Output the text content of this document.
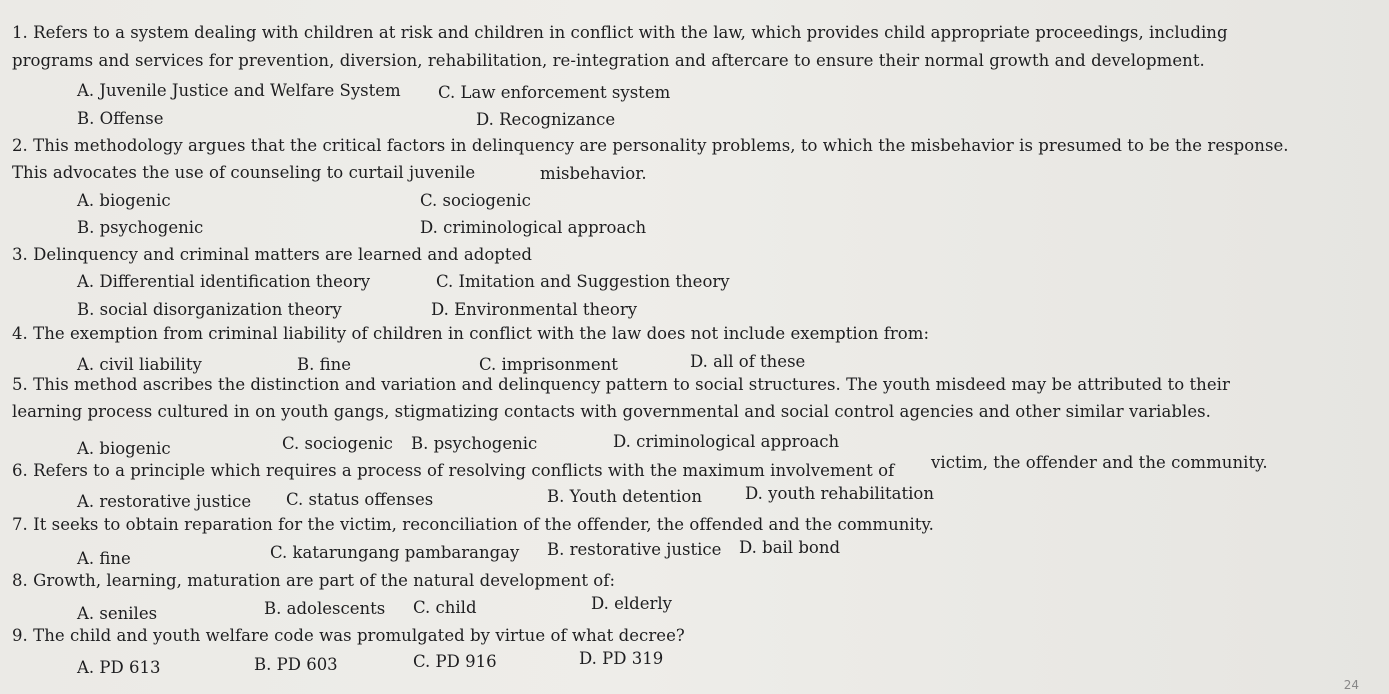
1. Refers to a system dealing with children at risk and children in conflict with the law, which provides child appropriate proceedings, including
programs and services for prevention, diversion, rehabilitation, re-integration and aftercare to ensure their normal growth and development.
A. Juvenile Justice and Welfare System C. Law enforcement system
B. Offense	D. Recognizance
2. This methodology argues that the critical factors in delinquency are personality problems, to which the misbehavior is presumed to be the response.
This advocates the use of counseling to curtail juvenile	misbehavior.
A. biogenic	C. sociogenic
B. psychogenic	D. criminological approach
3. Delinquency and criminal matters are learned and adopted
A. Differential identification theory	C. Imitation and Suggestion theory
B. social disorganization theory	D. Environmental theory
4. The exemption from criminal liability of children in conflict with the law does not include exemption from:
A. civil liability	B. fine	C. imprisonment	D. all of these
5. This method ascribes the distinction and variation and delinquency pattern to social structures. The youth misdeed may be attributed to their
learning process cultured in on youth gangs, stigmatizing contacts with governmental and social control agencies and other similar variables.
A. biogenic	C. sociogenic B. psychogenic	D. criminological approach
6. Refers to a principle which requires a process of resolving conflicts with the maximum involvement of victim, the offender and the community.
A. restorative justice C. status offenses	B. Youth detention	D. youth rehabilitation
7. It seeks to obtain reparation for the victim, reconciliation of the offender, the offended and the community.
A. fine	C. katarungang pambarangay B. restorative justice D. bail bond
8. Growth, learning, maturation are part of the natural development of:
A. seniles	B. adolescents C. child	D. elderly
9. The child and youth welfare code was promulgated by virtue of what decree?
A. PD 613	B. PD 603	C. PD 916	D. PD 319
24
